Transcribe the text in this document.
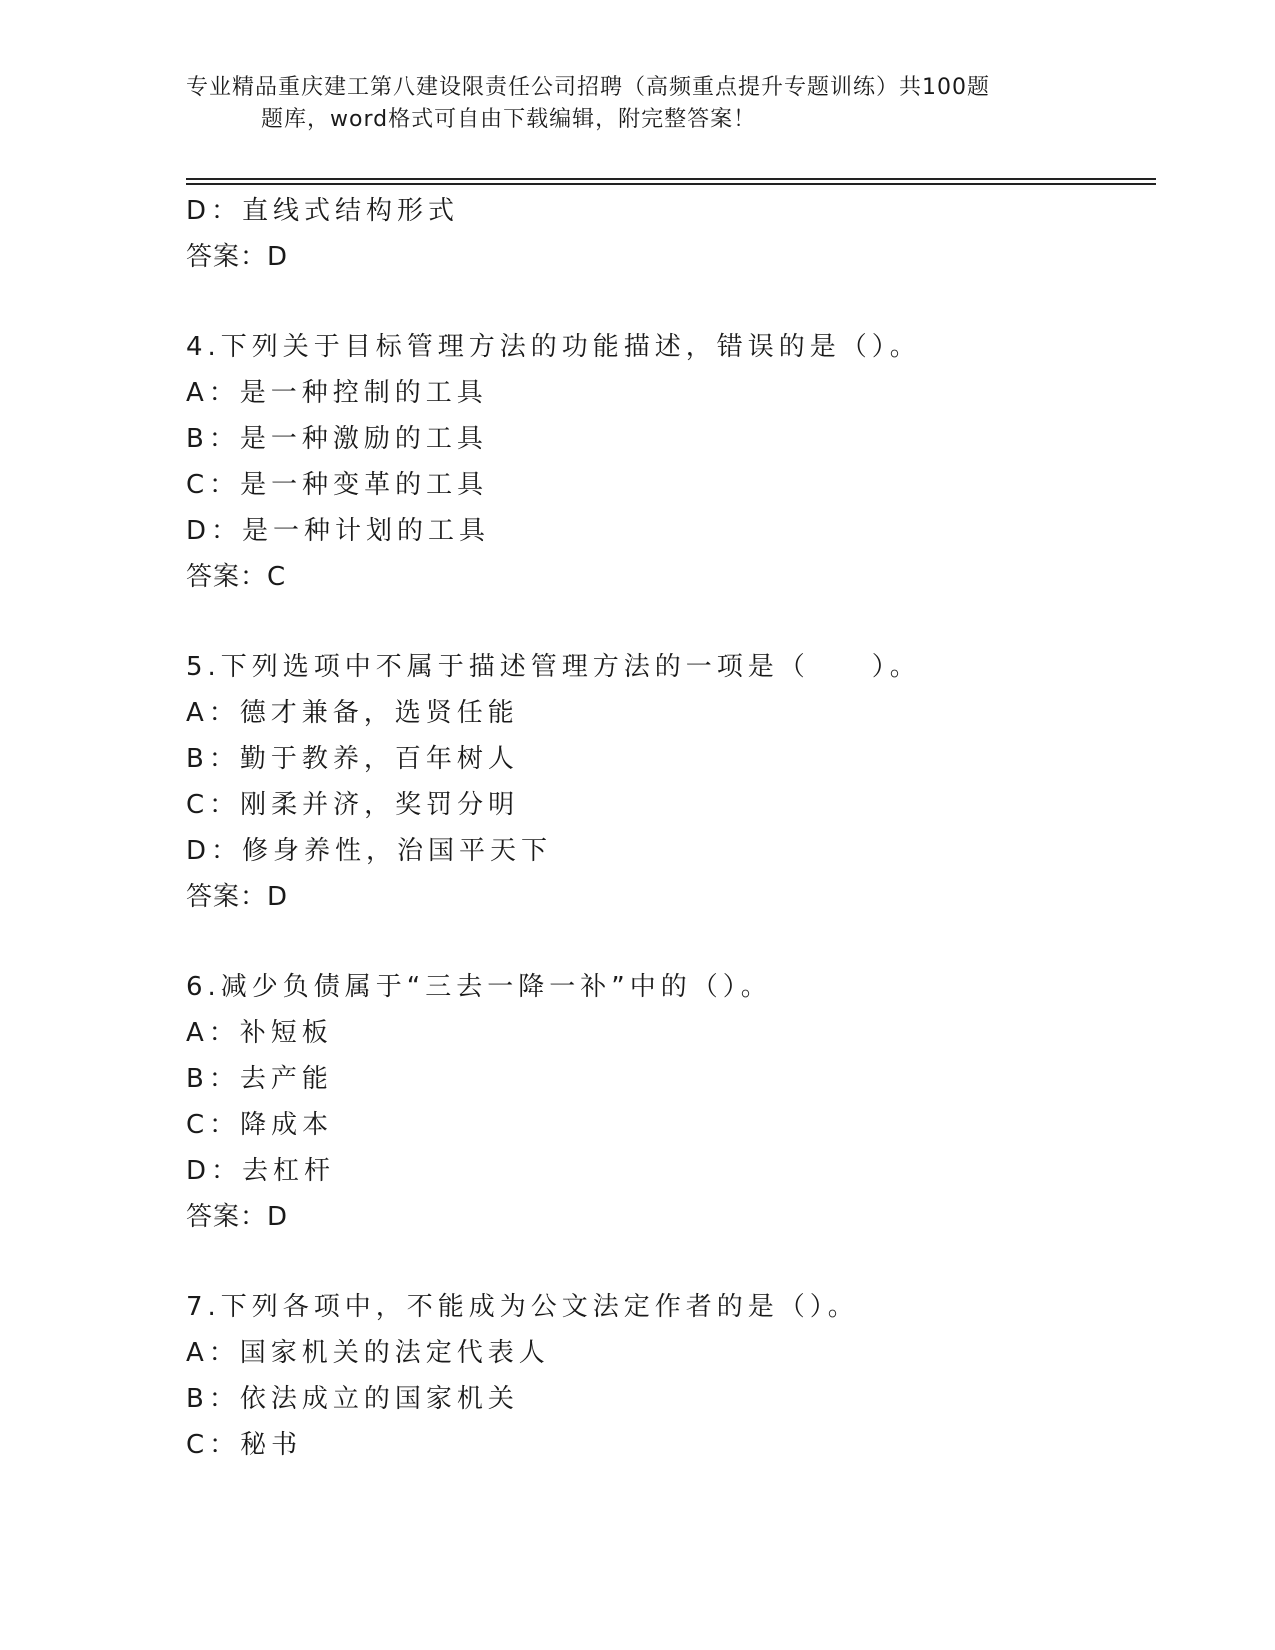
专业精品重庆建工第八建设限责任公司招聘（高频重点提升专题训练）共100题
题库，word格式可自由下载编辑，附完整答案！
D：直线式结构形式
答案：D
4.下列关于目标管理方法的功能描述，错误的是（）。
A：是一种控制的工具
B：是一种激励的工具
C：是一种变革的工具
D：是一种计划的工具
答案：C
5.下列选项中不属于描述管理方法的一项是（　　）。
A：德才兼备，选贤任能
B：勤于教养，百年树人
C：刚柔并济，奖罚分明
D：修身养性，治国平天下
答案：D
6.减少负债属于“三去一降一补”中的（）。
A：补短板
B：去产能
C：降成本
D：去杠杆
答案：D
7.下列各项中，不能成为公文法定作者的是（）。
A：国家机关的法定代表人
B：依法成立的国家机关
C：秘书
